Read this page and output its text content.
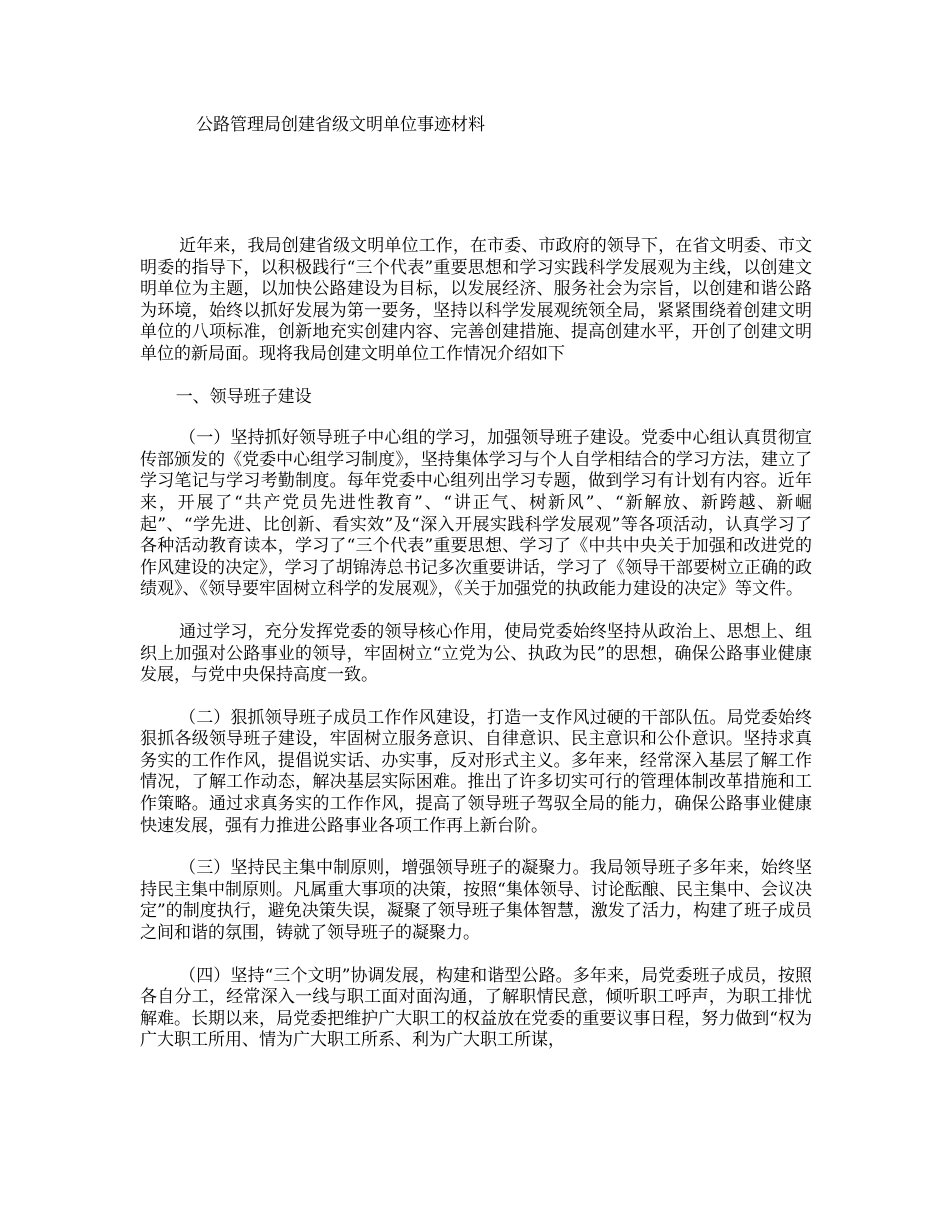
公路管理局创建省级文明单位事迹材料

近年来，我局创建省级文明单位工作，在市委、市政府的领导下，在省文明委、市文明委的指导下，以积极践行“三个代表”重要思想和学习实践科学发展观为主线，以创建文明单位为主题，以加快公路建设为目标，以发展经济、服务社会为宗旨，以创建和谐公路为环境，始终以抓好发展为第一要务，坚持以科学发展观统领全局，紧紧围绕着创建文明单位的八项标准，创新地充实创建内容、完善创建措施、提高创建水平，开创了创建文明单位的新局面。现将我局创建文明单位工作情况介绍如下

一、领导班子建设

（一）坚持抓好领导班子中心组的学习，加强领导班子建设。党委中心组认真贯彻宣传部颁发的《党委中心组学习制度》，坚持集体学习与个人自学相结合的学习方法，建立了学习笔记与学习考勤制度。每年党委中心组列出学习专题，做到学习有计划有内容。近年来，开展了“共产党员先进性教育”、“讲正气、树新风”、“新解放、新跨越、新崛起”、“学先进、比创新、看实效”及“深入开展实践科学发展观”等各项活动，认真学习了各种活动教育读本，学习了“三个代表”重要思想、学习了《中共中央关于加强和改进党的作风建设的决定》，学习了胡锦涛总书记多次重要讲话，学习了《领导干部要树立正确的政绩观》、《领导要牢固树立科学的发展观》，《关于加强党的执政能力建设的决定》等文件。

通过学习，充分发挥党委的领导核心作用，使局党委始终坚持从政治上、思想上、组织上加强对公路事业的领导，牢固树立“立党为公、执政为民”的思想，确保公路事业健康发展，与党中央保持高度一致。

（二）狠抓领导班子成员工作作风建设，打造一支作风过硬的干部队伍。局党委始终狠抓各级领导班子建设，牢固树立服务意识、自律意识、民主意识和公仆意识。坚持求真务实的工作作风，提倡说实话、办实事，反对形式主义。多年来，经常深入基层了解工作情况，了解工作动态，解决基层实际困难。推出了许多切实可行的管理体制改革措施和工作策略。通过求真务实的工作作风，提高了领导班子驾驭全局的能力，确保公路事业健康快速发展，强有力推进公路事业各项工作再上新台阶。

（三）坚持民主集中制原则，增强领导班子的凝聚力。我局领导班子多年来，始终坚持民主集中制原则。凡属重大事项的决策，按照“集体领导、讨论酝酿、民主集中、会议决定”的制度执行，避免决策失误，凝聚了领导班子集体智慧，激发了活力，构建了班子成员之间和谐的氛围，铸就了领导班子的凝聚力。

（四）坚持“三个文明”协调发展，构建和谐型公路。多年来，局党委班子成员，按照各自分工，经常深入一线与职工面对面沟通，了解职情民意，倾听职工呼声，为职工排忧解难。长期以来，局党委把维护广大职工的权益放在党委的重要议事日程，努力做到“权为广大职工所用、情为广大职工所系、利为广大职工所谋，
